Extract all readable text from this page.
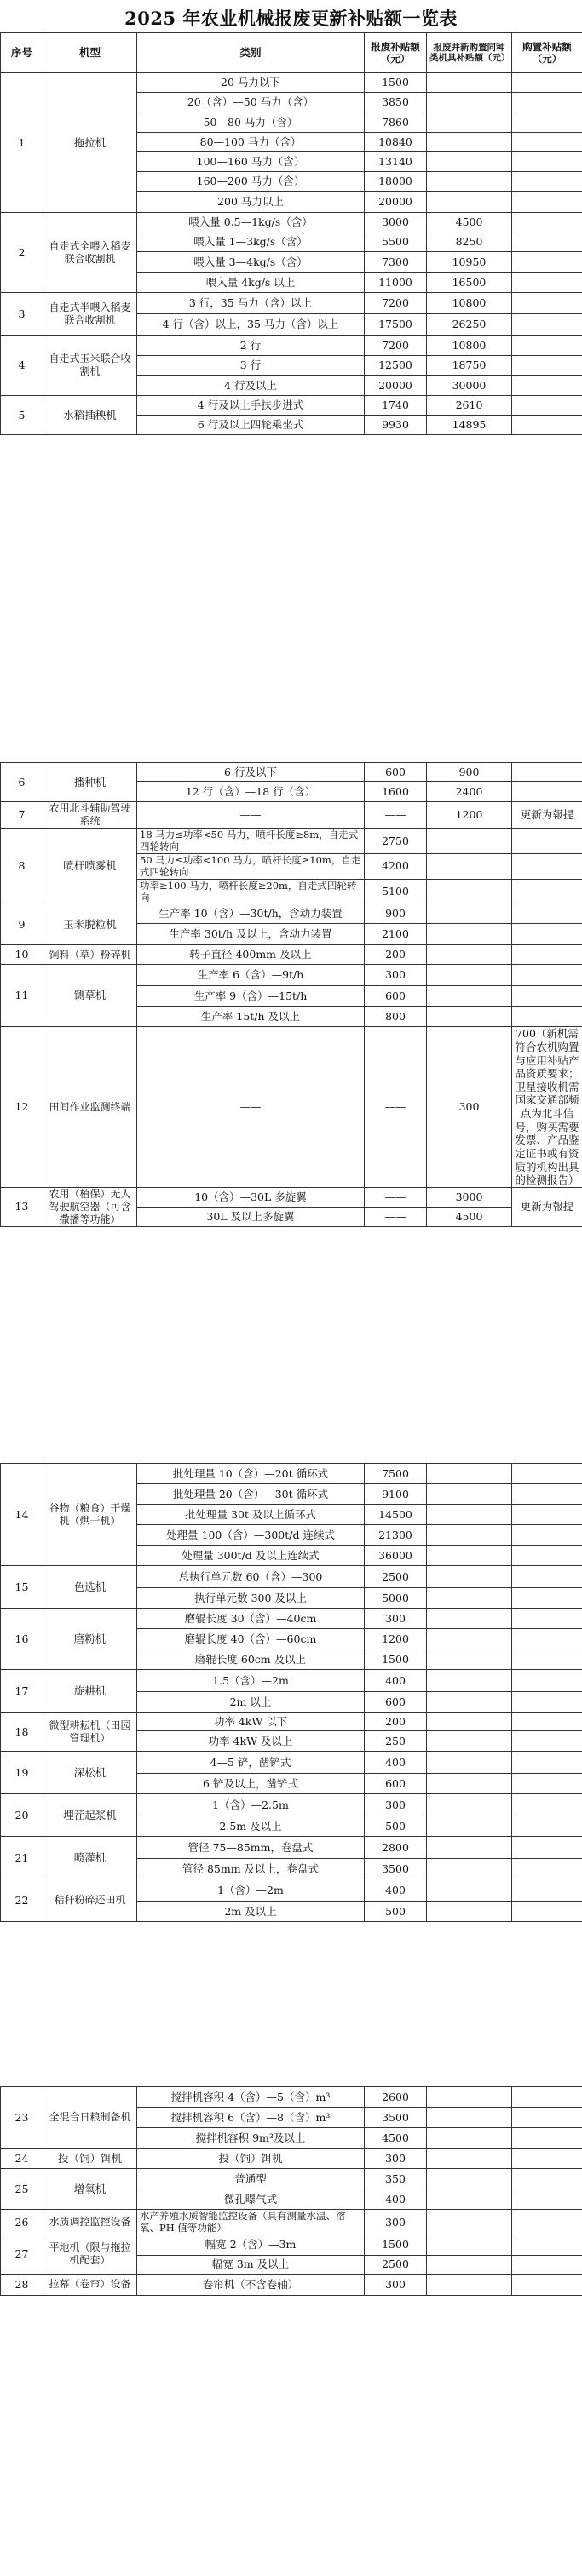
2025 年农业机械报废更新补贴额一览表
序号	机型	类别	报废补贴额（元）	报废并新购置同种类机具补贴额（元）	购置补贴额（元）
1	拖拉机	20 马力以下	1500		
		20（含）—50 马力（含）	3850		
		50—80 马力（含）	7860		
		80—100 马力（含）	10840		
		100—160 马力（含）	13140		
		160—200 马力（含）	18000		
		200 马力以上	20000		
2	自走式全喂入稻麦联合收割机	喂入量 0.5—1kg/s（含）	3000	4500	
		喂入量 1—3kg/s（含）	5500	8250	
		喂入量 3—4kg/s（含）	7300	10950	
		喂入量 4kg/s 以上	11000	16500	
3	自走式半喂入稻麦联合收割机	3 行，35 马力（含）以上	7200	10800	
		4 行（含）以上，35 马力（含）以上	17500	26250	
4	自走式玉米联合收割机	2 行	7200	10800	
		3 行	12500	18750	
		4 行及以上	20000	30000	
5	水稻插秧机	4 行及以上手扶步进式	1740	2610	
		6 行及以上四轮乘坐式	9930	14895	
6	播种机	6 行及以下	600	900	
		12 行（含）—18 行（含）	1600	2400	
7	农用北斗辅助驾驶系统	——	——	1200	更新为報提
8	喷杆喷雾机	18 马力≤功率<50 马力，喷杆长度≥8m，自走式四轮转向	2750		
		50 马力≤功率<100 马力，喷杆长度≥10m，自走式四轮转向	4200		
		功率≥100 马力，喷杆长度≥20m，自走式四轮转向	5100		
9	玉米脱粒机	生产率 10（含）—30t/h，含动力装置	900		
		生产率 30t/h 及以上，含动力装置	2100		
10	饲料（草）粉碎机	转子直径 400mm 及以上	200		
11	铡草机	生产率 6（含）—9t/h	300		
		生产率 9（含）—15t/h	600		
		生产率 15t/h 及以上	800		
12	田间作业监测终端	——	——	300	700（新机需符合农机购置与应用补贴产品资质要求；卫星接收机需国家交通部频点为北斗信号，购买需要发票、产品鉴定证书或有资质的机构出具的检测报告）
13	农用（植保）无人驾驶航空器（可含撒播等功能）	10（含）—30L 多旋翼	——	3000	更新为報提
		30L 及以上多旋翼	——	4500	
14	谷物（粮食）干燥机（烘干机）	批处理量 10（含）—20t 循环式	7500		
		批处理量 20（含）—30t 循环式	9100		
		批处理量 30t 及以上循环式	14500		
		处理量 100（含）—300t/d 连续式	21300		
		处理量 300t/d 及以上连续式	36000		
15	色选机	总执行单元数 60（含）—300	2500		
		执行单元数 300 及以上	5000		
16	磨粉机	磨辊长度 30（含）—40cm	300		
		磨辊长度 40（含）—60cm	1200		
		磨辊长度 60cm 及以上	1500		
17	旋耕机	1.5（含）—2m	400		
		2m 以上	600		
18	微型耕耘机（田园管理机）	功率 4kW 以下	200		
		功率 4kW 及以上	250		
19	深松机	4—5 铲，凿铲式	400		
		6 铲及以上，凿铲式	600		
20	埋茬起浆机	1（含）—2.5m	300		
		2.5m 及以上	500		
21	喷灌机	管径 75—85mm，卷盘式	2800		
		管径 85mm 及以上，卷盘式	3500		
22	秸秆粉碎还田机	1（含）—2m	400		
		2m 及以上	500		
23	全混合日粮制备机	搅拌机容积 4（含）—5（含）m³	2600		
		搅拌机容积 6（含）—8（含）m³	3500		
		搅拌机容积 9m³及以上	4500		
24	投（饲）饵机	投（饲）饵机	300		
25	增氧机	普通型	350		
		微孔曝气式	400		
26	水质调控监控设备	水产养殖水质智能监控设备（具有测量水温、溶氧、PH 值等功能）	300		
27	平地机（限与拖拉机配套）	幅宽 2（含）—3m	1500		
		幅宽 3m 及以上	2500		
28	拉幕（卷帘）设备	卷帘机（不含卷轴）	300		
